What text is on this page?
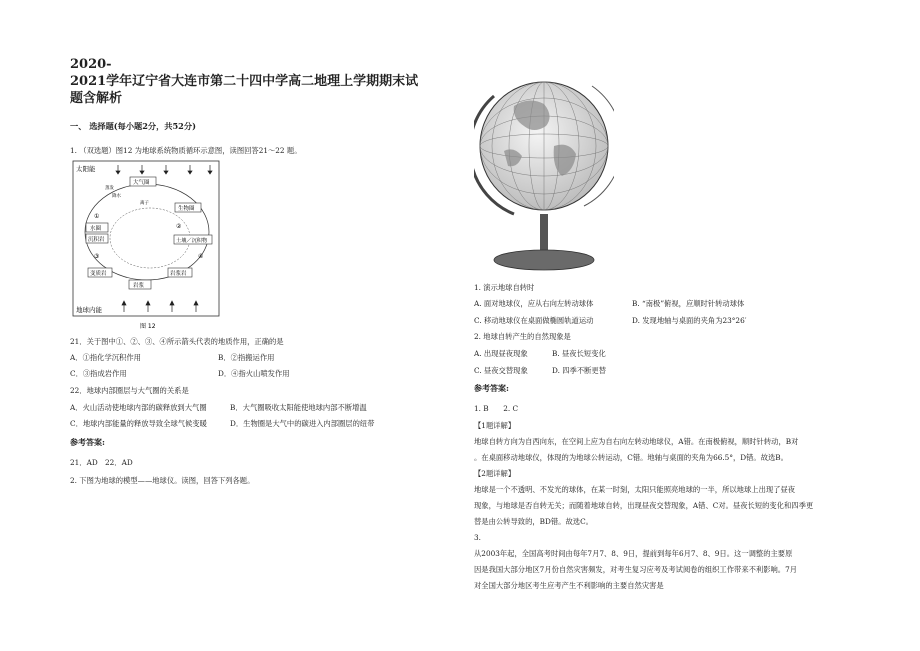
2020-
2021学年辽宁省大连市第二十四中学高二地理上学期期末试
题含解析
一、 选择题(每小题2分，共52分)
1. （双选题）图12 为地球系统物质循环示意图，读图回答21～22 题。
太阳能
大气圈
水圈
生物圈
沉积岩	土壤／沉积物
变质岩	岩浆岩
岩浆
蒸发
降水
离子
①
②
③	④
地球内能
图 12
21．关于图中①、②、③、④所示箭头代表的地质作用，正确的是
A．①指化学沉积作用	B．②指搬运作用
C．③指成岩作用	D．④指火山喷发作用
22．地球内部圈层与大气圈的关系是
A．火山活动使地球内部的碳释放到大气圈	B．大气圈吸收太阳能使地球内部不断增温
C．地球内部能量的释放导致全球气候变暖	D．生物圈是大气中的碳进入内部圈层的纽带
参考答案:
21．AD　22．AD
2. 下图为地球的模型——地球仪。读图，回答下列各题。
1. 演示地球自转时
A. 面对地球仪，应从右向左转动球体	B. “南极”俯视，应顺时针转动球体
C. 移动地球仪在桌面做椭圆轨道运动	D. 发现地轴与桌面的夹角为23°26′
2. 地球自转产生的自然现象是
A. 出现昼夜现象	B. 昼夜长短变化
C. 昼夜交替现象	D. 四季不断更替
参考答案:
1. B　　2. C
【1题详解】
地球自转方向为自西向东，在空间上应为自右向左转动地球仪，A错。在南极俯视，顺时针转动，B对
。在桌面移动地球仪，体现的为地球公转运动，C错。地轴与桌面的夹角为66.5°，D错。故选B。
【2题详解】
地球是一个不透明、不发光的球体，在某一时刻，太阳只能照亮地球的一半，所以地球上出现了昼夜
现象，与地球是否自转无关；而随着地球自转，出现昼夜交替现象，A错、C对。昼夜长短的变化和四季更
替是由公转导致的，BD错。故选C。
3.
从2003年起，全国高考时间由每年7月7、8、9日，提前到每年6月7、8、9日。这一调整的主要原
因是我国大部分地区7月份自然灾害频发，对考生复习应考及考试阅卷的组织工作带来不利影响。7月
对全国大部分地区考生应考产生不利影响的主要自然灾害是
